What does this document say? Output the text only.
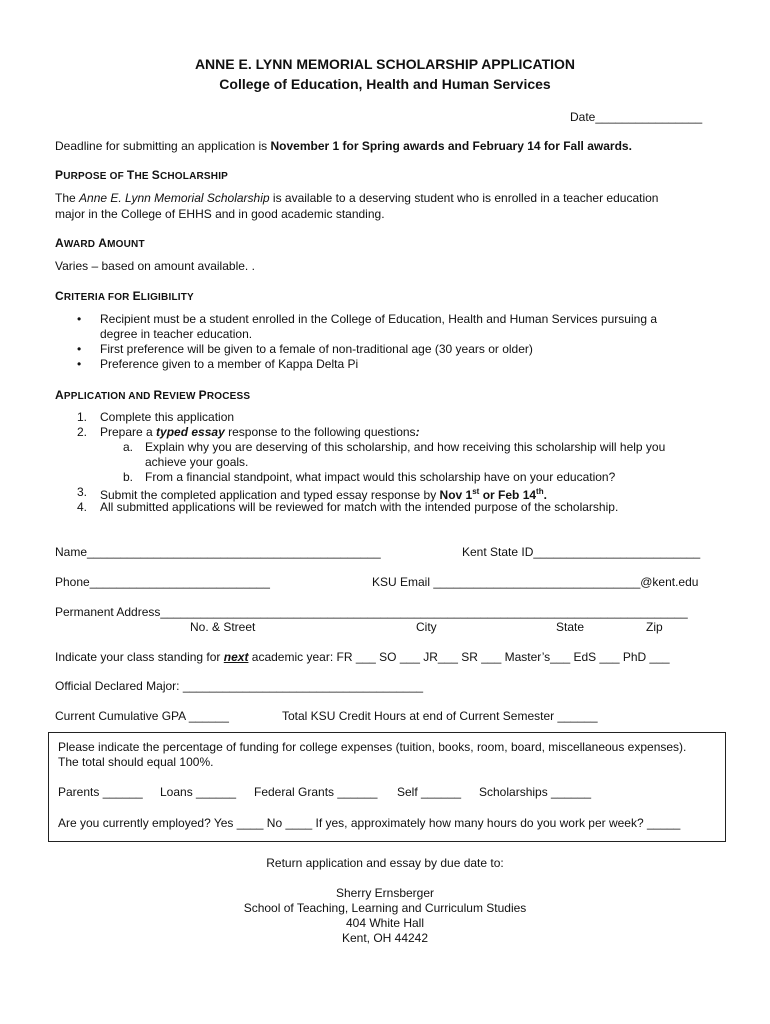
ANNE E. LYNN MEMORIAL SCHOLARSHIP APPLICATION
College of Education, Health and Human Services
Date________________
Deadline for submitting an application is November 1 for Spring awards and February 14 for Fall awards.
PURPOSE OF THE SCHOLARSHIP
The Anne E. Lynn Memorial Scholarship is available to a deserving student who is enrolled in a teacher education
major in the College of EHHS and in good academic standing.
AWARD AMOUNT
Varies – based on amount available. .
CRITERIA FOR ELIGIBILITY
• Recipient must be a student enrolled in the College of Education, Health and Human Services pursuing a
degree in teacher education.
• First preference will be given to a female of non-traditional age (30 years or older)
• Preference given to a member of Kappa Delta Pi
APPLICATION AND REVIEW PROCESS
1. Complete this application
2. Prepare a typed essay response to the following questions:
a. Explain why you are deserving of this scholarship, and how receiving this scholarship will help you
achieve your goals.
b. From a financial standpoint, what impact would this scholarship have on your education?
3. Submit the completed application and typed essay response by Nov 1st or Feb 14th.
4. All submitted applications will be reviewed for match with the intended purpose of the scholarship.
Name____________________________________________	Kent State ID_________________________
Phone___________________________	KSU Email _______________________________@kent.edu
Permanent Address_______________________________________________________________________________
No. & Street	City	State	Zip
Indicate your class standing for next academic year: FR ___ SO ___ JR___ SR ___ Master’s___ EdS ___ PhD ___
Official Declared Major: ____________________________________
Current Cumulative GPA ______	Total KSU Credit Hours at end of Current Semester ______
Please indicate the percentage of funding for college expenses (tuition, books, room, board, miscellaneous expenses).
The total should equal 100%.
Parents ______ Loans ______ Federal Grants ______ Self ______ Scholarships ______
Are you currently employed? Yes ____ No ____ If yes, approximately how many hours do you work per week? _____
Return application and essay by due date to:
Sherry Ernsberger
School of Teaching, Learning and Curriculum Studies
404 White Hall
Kent, OH 44242
